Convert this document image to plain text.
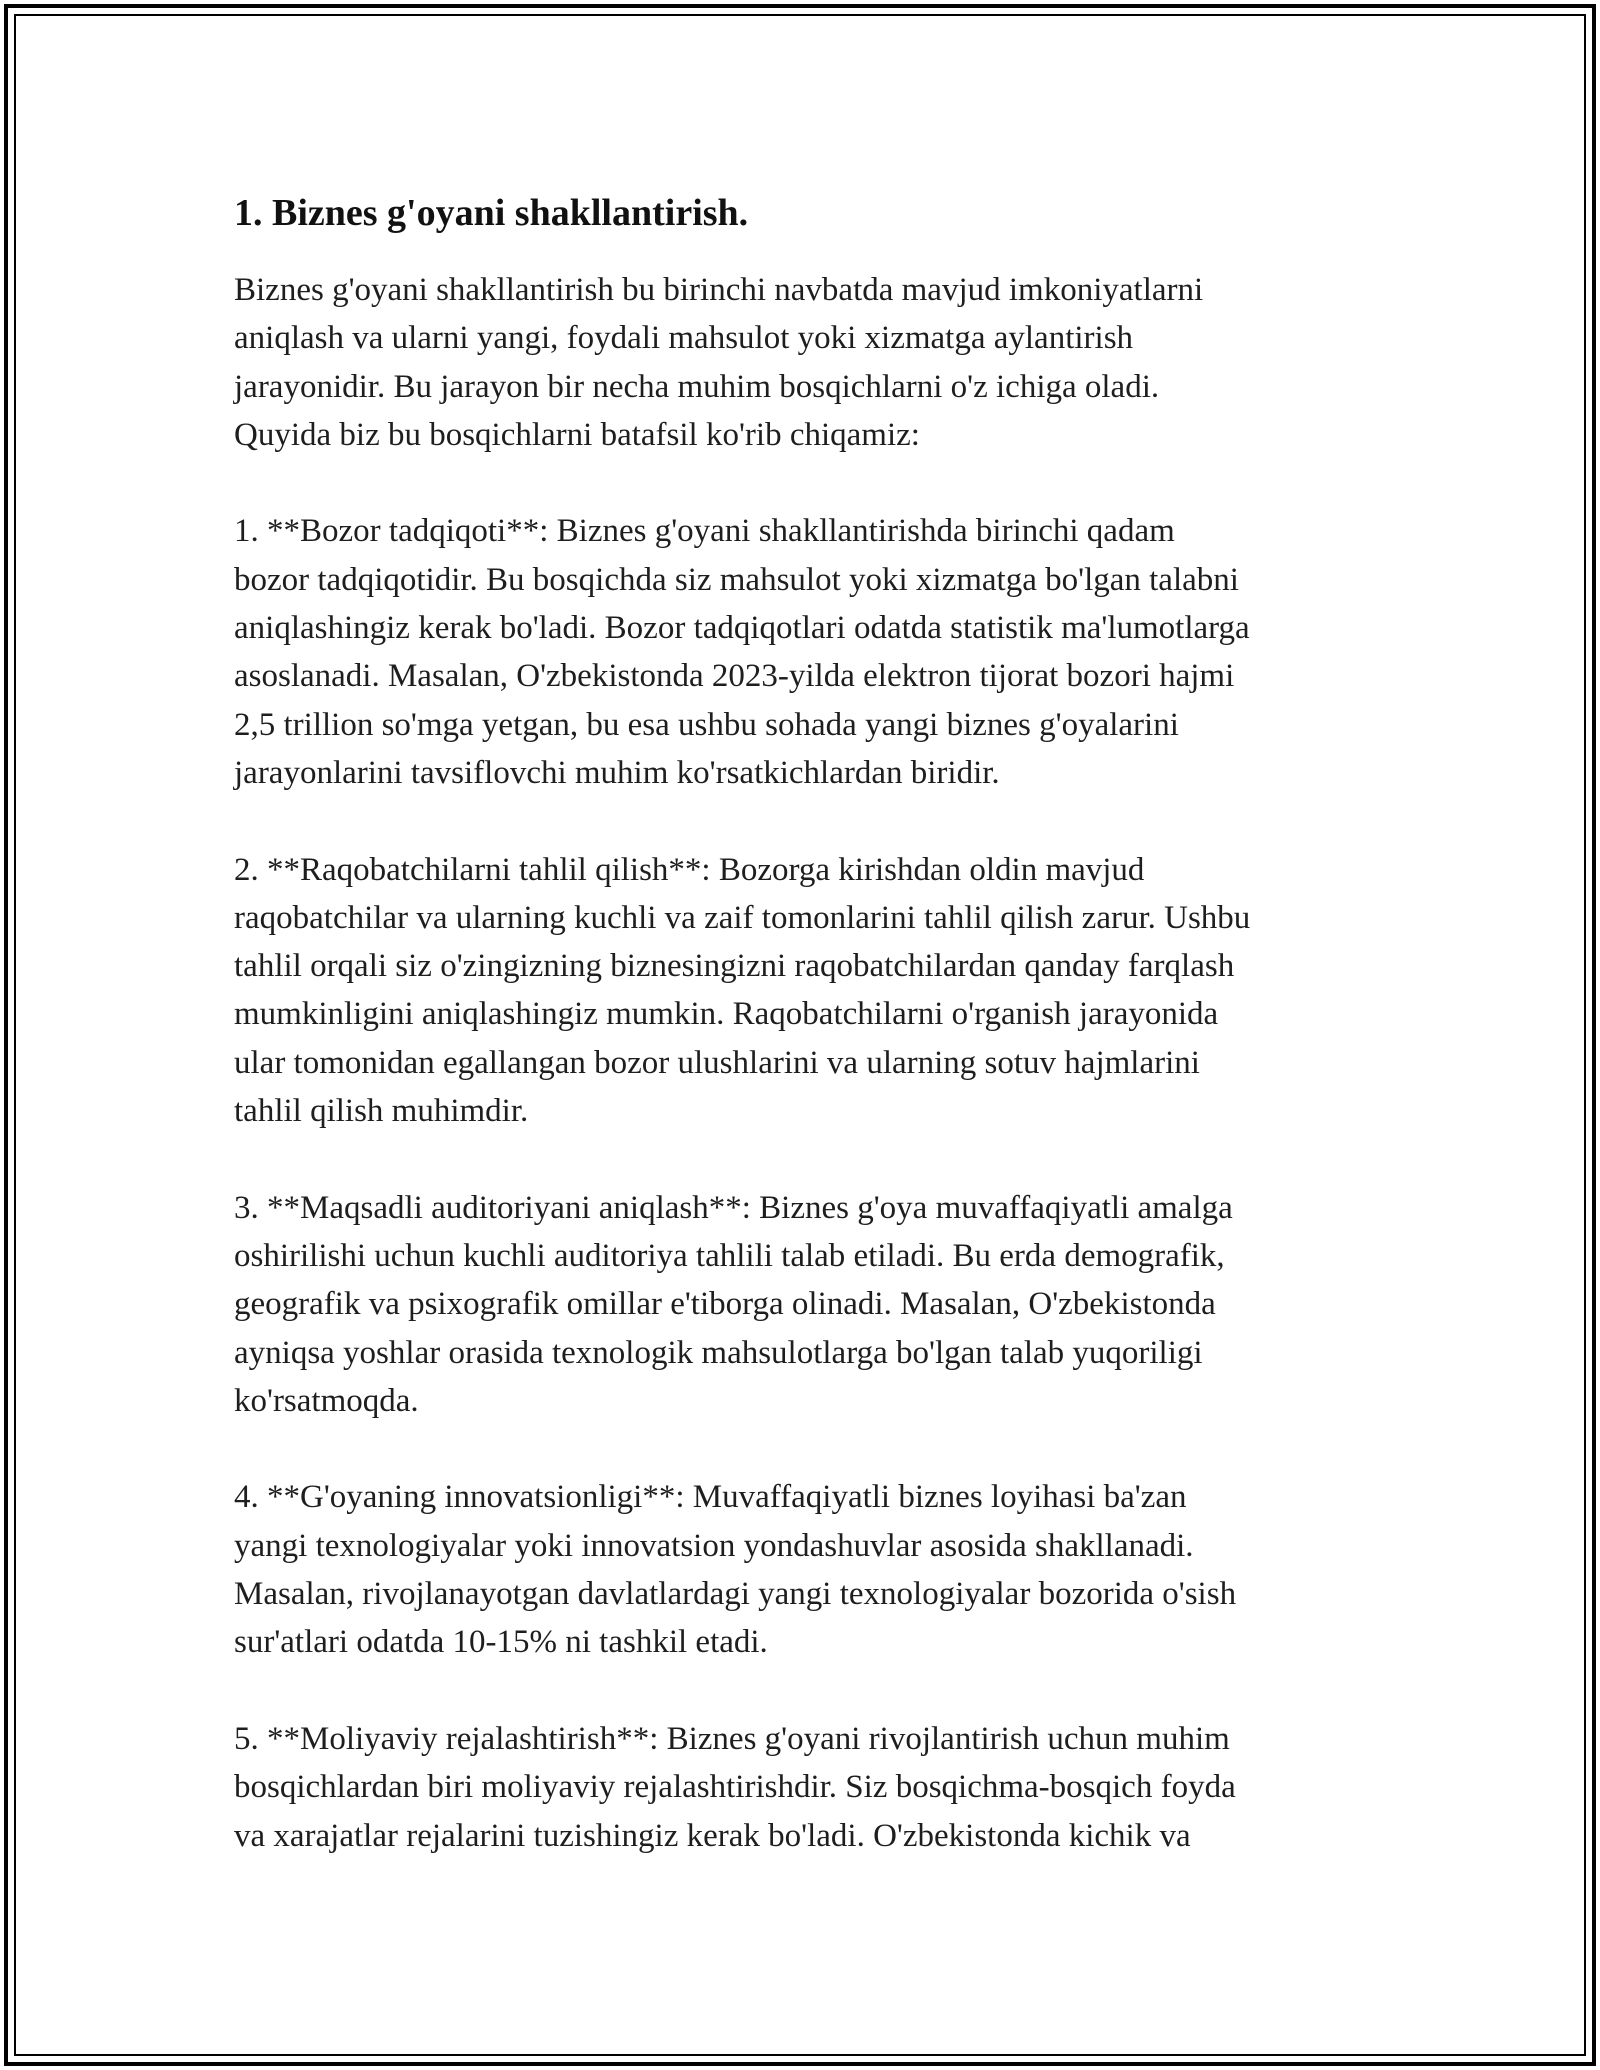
1. Biznes g'oyani shakllantirish.

Biznes g'oyani shakllantirish bu birinchi navbatda mavjud imkoniyatlarni
aniqlash va ularni yangi, foydali mahsulot yoki xizmatga aylantirish
jarayonidir. Bu jarayon bir necha muhim bosqichlarni o'z ichiga oladi.
Quyida biz bu bosqichlarni batafsil ko'rib chiqamiz:

1. **Bozor tadqiqoti**: Biznes g'oyani shakllantirishda birinchi qadam
bozor tadqiqotidir. Bu bosqichda siz mahsulot yoki xizmatga bo'lgan talabni
aniqlashingiz kerak bo'ladi. Bozor tadqiqotlari odatda statistik ma'lumotlarga
asoslanadi. Masalan, O'zbekistonda 2023-yilda elektron tijorat bozori hajmi
2,5 trillion so'mga yetgan, bu esa ushbu sohada yangi biznes g'oyalarini
jarayonlarini tavsiflovchi muhim ko'rsatkichlardan biridir.

2. **Raqobatchilarni tahlil qilish**: Bozorga kirishdan oldin mavjud
raqobatchilar va ularning kuchli va zaif tomonlarini tahlil qilish zarur. Ushbu
tahlil orqali siz o'zingizning biznesingizni raqobatchilardan qanday farqlash
mumkinligini aniqlashingiz mumkin. Raqobatchilarni o'rganish jarayonida
ular tomonidan egallangan bozor ulushlarini va ularning sotuv hajmlarini
tahlil qilish muhimdir.

3. **Maqsadli auditoriyani aniqlash**: Biznes g'oya muvaffaqiyatli amalga
oshirilishi uchun kuchli auditoriya tahlili talab etiladi. Bu erda demografik,
geografik va psixografik omillar e'tiborga olinadi. Masalan, O'zbekistonda
ayniqsa yoshlar orasida texnologik mahsulotlarga bo'lgan talab yuqoriligi
ko'rsatmoqda.

4. **G'oyaning innovatsionligi**: Muvaffaqiyatli biznes loyihasi ba'zan
yangi texnologiyalar yoki innovatsion yondashuvlar asosida shakllanadi.
Masalan, rivojlanayotgan davlatlardagi yangi texnologiyalar bozorida o'sish
sur'atlari odatda 10-15% ni tashkil etadi.

5. **Moliyaviy rejalashtirish**: Biznes g'oyani rivojlantirish uchun muhim
bosqichlardan biri moliyaviy rejalashtirishdir. Siz bosqichma-bosqich foyda
va xarajatlar rejalarini tuzishingiz kerak bo'ladi. O'zbekistonda kichik va
